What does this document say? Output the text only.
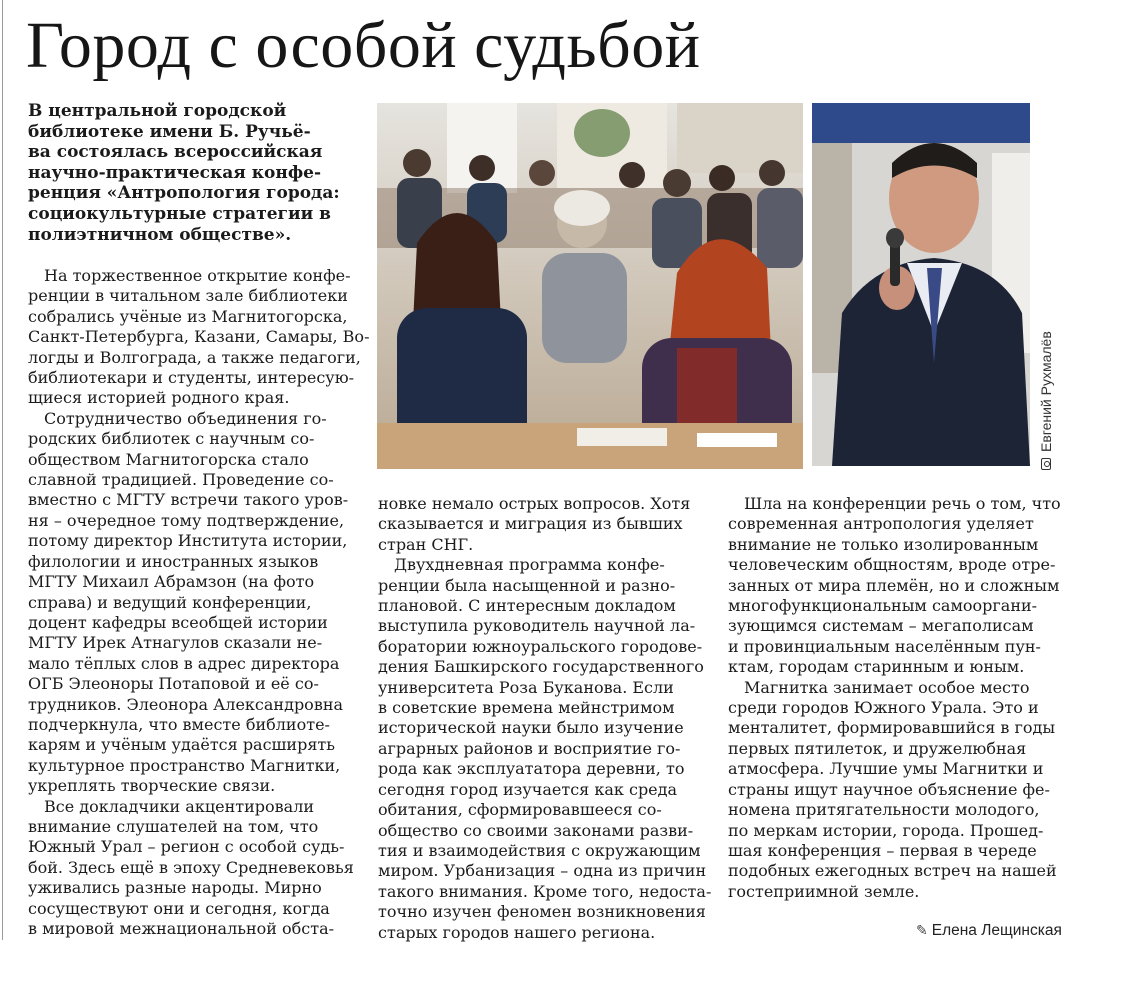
Город с особой судьбой
В центральной городской
библиотеке имени Б. Ручьё-
ва состоялась всероссийская
научно-практическая конфе-
ренция «Антропология города:
социокультурные стратегии в
полиэтничном обществе».
На торжественное открытие конфе-
ренции в читальном зале библиотеки
собрались учёные из Магнитогорска,
Санкт-Петербурга, Казани, Самары, Во-
логды и Волгограда, а также педагоги,
библиотекари и студенты, интересую-
щиеся историей родного края.
Сотрудничество объединения го-
родских библиотек с научным со-
обществом Магнитогорска стало
славной традицией. Проведение со-
вместно с МГТУ встречи такого уров-
ня – очередное тому подтверждение,
потому директор Института истории,
филологии и иностранных языков
МГТУ Михаил Абрамзон (на фото
справа) и ведущий конференции,
доцент кафедры всеобщей истории
МГТУ Ирек Атнагулов сказали не-
мало тёплых слов в адрес директора
ОГБ Элеоноры Потаповой и её со-
трудников. Элеонора Александровна
подчеркнула, что вместе библиоте-
карям и учёным удаётся расширять
культурное пространство Магнитки,
укреплять творческие связи.
Все докладчики акцентировали
внимание слушателей на том, что
Южный Урал – регион с особой судь-
бой. Здесь ещё в эпоху Средневековья
уживались разные народы. Мирно
сосуществуют они и сегодня, когда
в мировой межнациональной обста-
новке немало острых вопросов. Хотя
сказывается и миграция из бывших
стран СНГ.
Двухдневная программа конфе-
ренции была насыщенной и разно-
плановой. С интересным докладом
выступила руководитель научной ла-
боратории южноуральского городове-
дения Башкирского государственного
университета Роза Буканова. Если
в советские времена мейнстримом
исторической науки было изучение
аграрных районов и восприятие го-
рода как эксплуататора деревни, то
сегодня город изучается как среда
обитания, сформировавшееся со-
общество со своими законами разви-
тия и взаимодействия с окружающим
миром. Урбанизация – одна из причин
такого внимания. Кроме того, недоста-
точно изучен феномен возникновения
старых городов нашего региона.
Шла на конференции речь о том, что
современная антропология уделяет
внимание не только изолированным
человеческим общностям, вроде отре-
занных от мира племён, но и сложным
многофункциональным самооргани-
зующимся системам – мегаполисам
и провинциальным населённым пун-
ктам, городам старинным и юным.
Магнитка занимает особое место
среди городов Южного Урала. Это и
менталитет, формировавшийся в годы
первых пятилеток, и дружелюбная
атмосфера. Лучшие умы Магнитки и
страны ищут научное объяснение фе-
номена притягательности молодого,
по меркам истории, города. Прошед-
шая конференция – первая в череде
подобных ежегодных встреч на нашей
гостеприимной земле.
Евгений Рухмалёв
✎ Елена Лещинская
